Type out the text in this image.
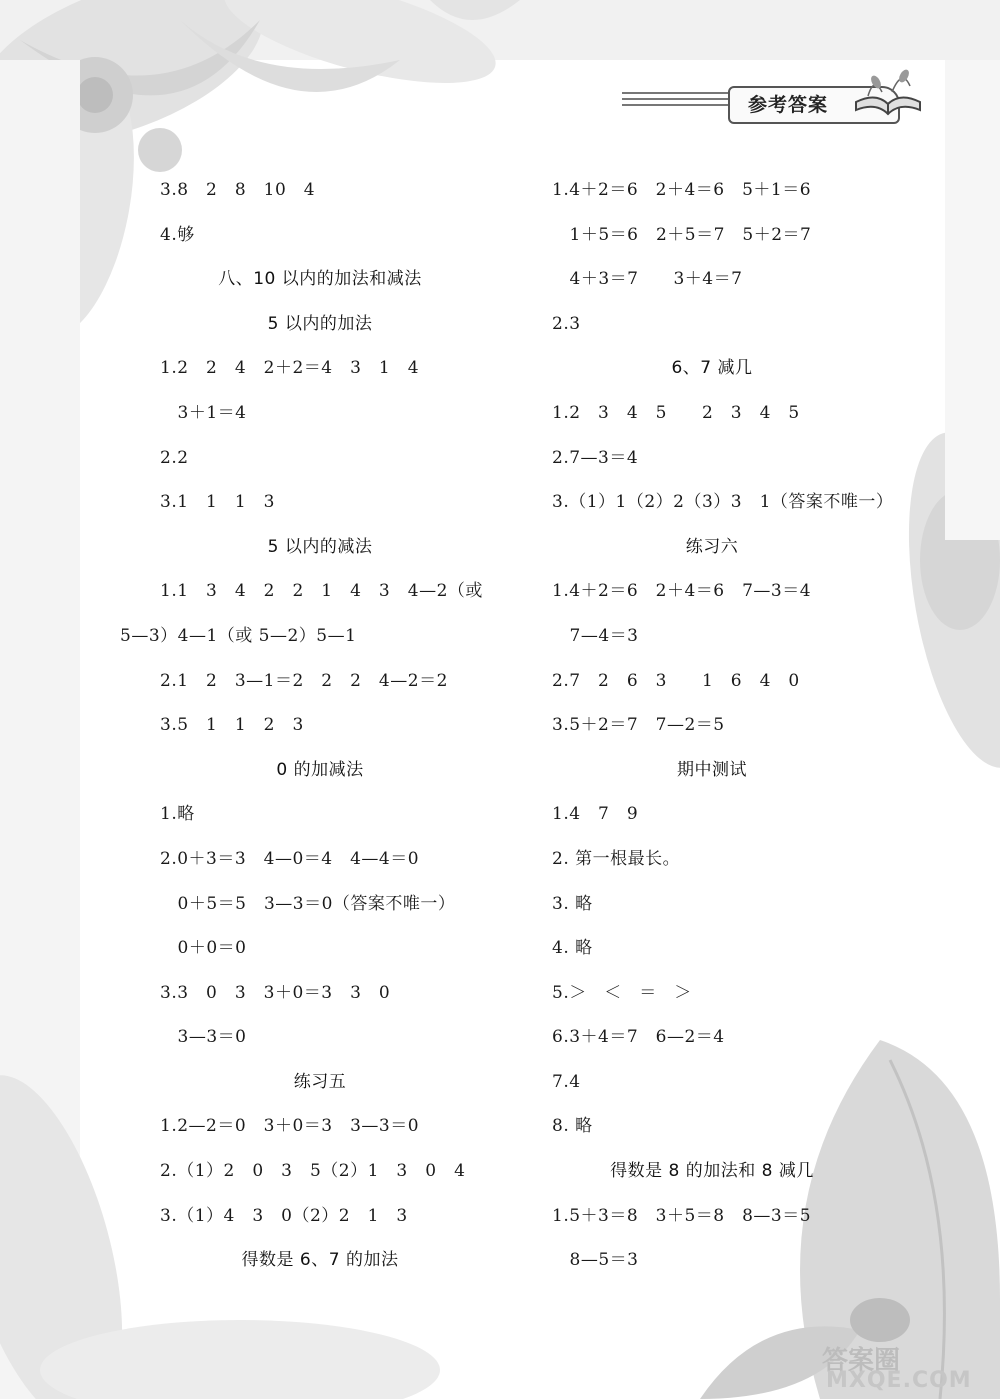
参考答案
3.8　2　8　10　4
4.够
八、10 以内的加法和减法
5 以内的加法
1.2　2　4　2＋2＝4　3　1　4
　3＋1＝4
2.2
3.1　1　1　3
5 以内的减法
1.1　3　4　2　2　1　4　3　4—2（或
5—3）4—1（或 5—2）5—1
2.1　2　3—1＝2　2　2　4—2＝2
3.5　1　1　2　3
0 的加减法
1.略
2.0＋3＝3　4—0＝4　4—4＝0
　0＋5＝5　3—3＝0（答案不唯一）
　0＋0＝0
3.3　0　3　3＋0＝3　3　0
　3—3＝0
练习五
1.2—2＝0　3＋0＝3　3—3＝0
2.（1）2　0　3　5（2）1　3　0　4
3.（1）4　3　0（2）2　1　3
得数是 6、7 的加法
1.4＋2＝6　2＋4＝6　5＋1＝6
　1＋5＝6　2＋5＝7　5＋2＝7
　4＋3＝7　　3＋4＝7
2.3
6、7 减几
1.2　3　4　5　　2　3　4　5
2.7—3＝4
3.（1）1（2）2（3）3　1（答案不唯一）
练习六
1.4＋2＝6　2＋4＝6　7—3＝4
　7—4＝3
2.7　2　6　3　　1　6　4　0
3.5＋2＝7　7—2＝5
期中测试
1.4　7　9
2. 第一根最长。
3. 略
4. 略
5.＞　＜　＝　＞
6.3＋4＝7　6—2＝4
7.4
8. 略
得数是 8 的加法和 8 减几
1.5＋3＝8　3＋5＝8　8—3＝5
　8—5＝3
答案圈
MXQE.COM
